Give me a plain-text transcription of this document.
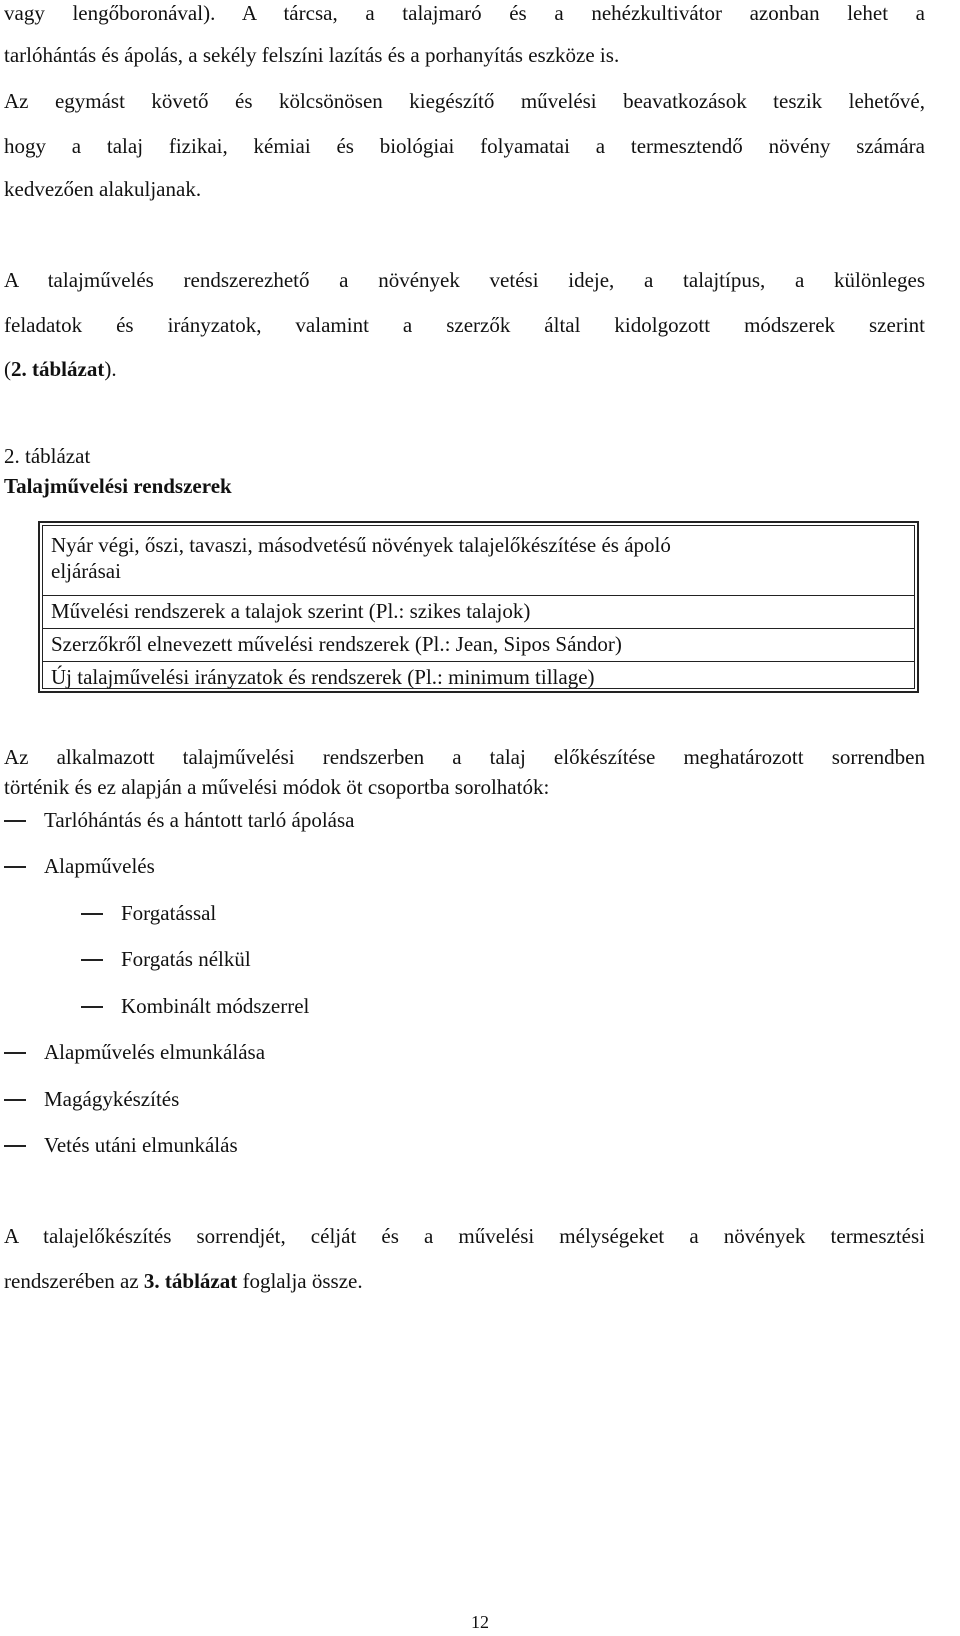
vagy lengőboronával). A tárcsa, a talajmaró és a nehézkultivátor azonban lehet a
tarlóhántás és ápolás, a sekély felszíni lazítás és a porhanyítás eszköze is.
Az egymást követő és kölcsönösen kiegészítő művelési beavatkozások teszik lehetővé,
hogy a talaj fizikai, kémiai és biológiai folyamatai a termesztendő növény számára
kedvezően alakuljanak.
A talajművelés rendszerezhető a növények vetési ideje, a talajtípus, a különleges
feladatok és irányzatok, valamint a szerzők által kidolgozott módszerek szerint
(2. táblázat).
2. táblázat
Talajművelési rendszerek
Nyár végi, őszi, tavaszi, másodvetésű növények talajelőkészítése és ápoló
eljárásai
Művelési rendszerek a talajok szerint (Pl.: szikes talajok)
Szerzőkről elnevezett művelési rendszerek (Pl.: Jean, Sipos Sándor)
Új talajművelési irányzatok és rendszerek (Pl.: minimum tillage)
Az alkalmazott talajművelési rendszerben a talaj előkészítése meghatározott sorrendben
történik és ez alapján a művelési módok öt csoportba sorolhatók:
Tarlóhántás és a hántott tarló ápolása
Alapművelés
Forgatással
Forgatás nélkül
Kombinált módszerrel
Alapművelés elmunkálása
Magágykészítés
Vetés utáni elmunkálás
A talajelőkészítés sorrendjét, célját és a művelési mélységeket a növények termesztési
rendszerében az 3. táblázat foglalja össze.
12
